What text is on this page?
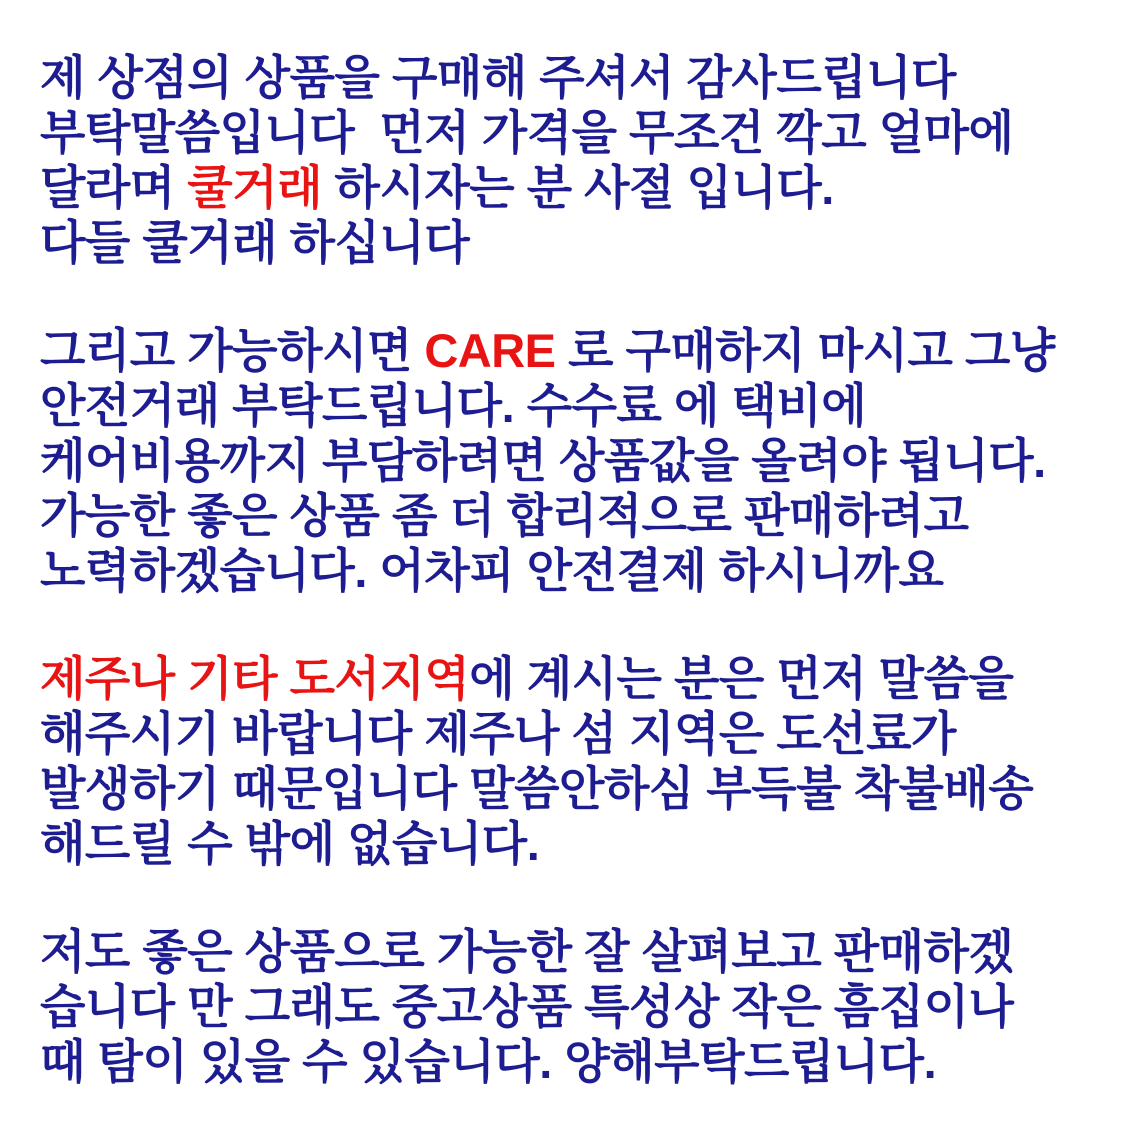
제 상점의 상품을 구매해 주셔서 감사드립니다
부탁말씀입니다  먼저 가격을 무조건 깍고 얼마에
달라며 쿨거래 하시자는 분 사절 입니다.
다들 쿨거래 하십니다
그리고 가능하시면 CARE 로 구매하지 마시고 그냥
안전거래 부탁드립니다. 수수료 에 택비에
케어비용까지 부담하려면 상품값을 올려야 됩니다.
가능한 좋은 상품 좀 더 합리적으로 판매하려고
노력하겠습니다. 어차피 안전결제 하시니까요
제주나 기타 도서지역에 계시는 분은 먼저 말씀을
해주시기 바랍니다 제주나 섬 지역은 도선료가
발생하기 때문입니다 말씀안하심 부득불 착불배송
해드릴 수 밖에 없습니다.
저도 좋은 상품으로 가능한 잘 살펴보고 판매하겠
습니다 만 그래도 중고상품 특성상 작은 흠집이나
때 탐이 있을 수 있습니다. 양해부탁드립니다.
